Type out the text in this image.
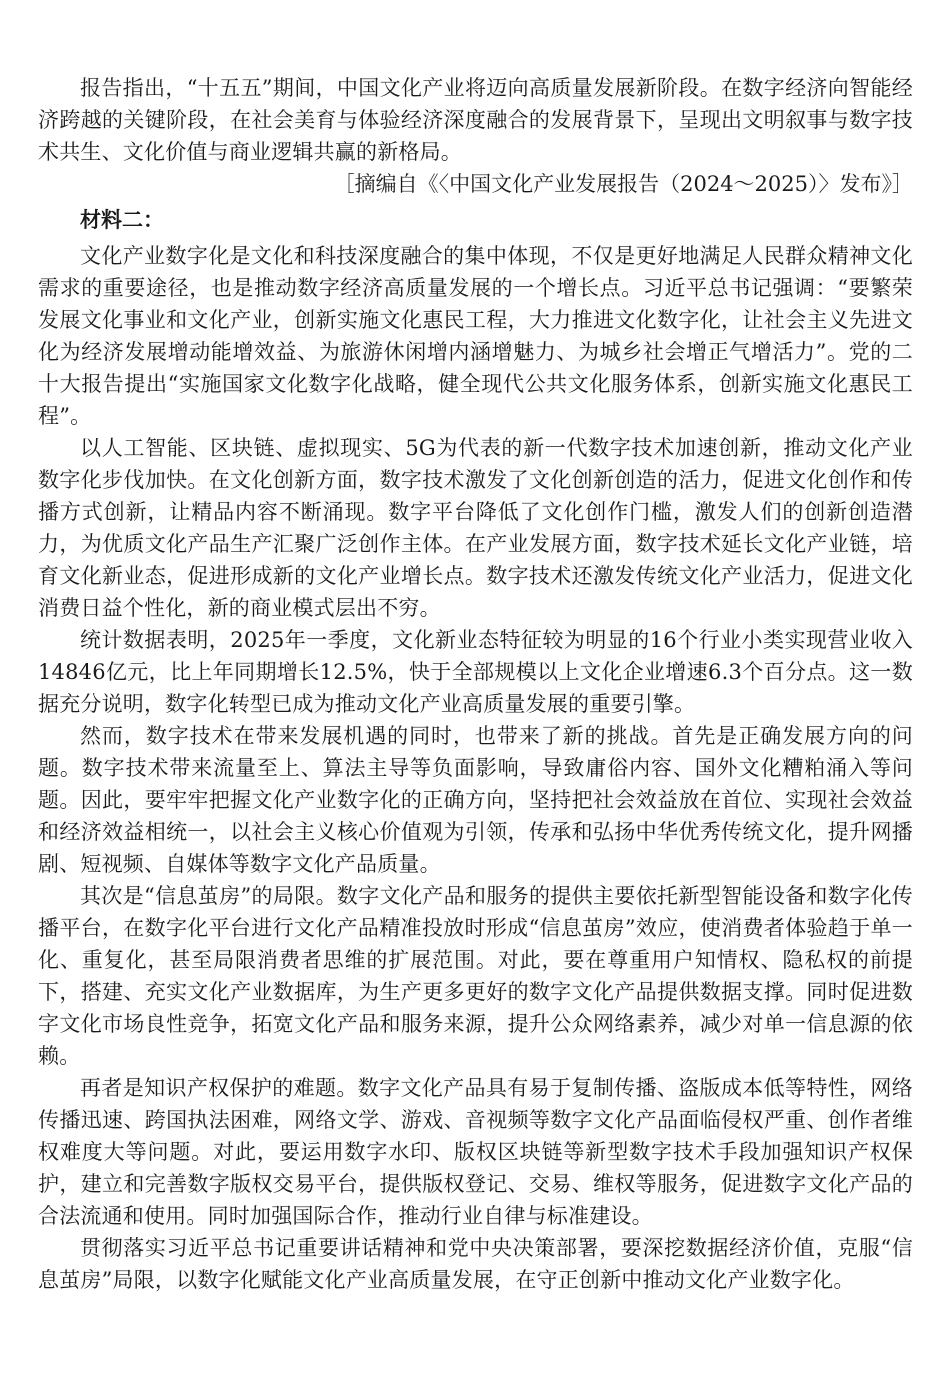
报告指出，“十五五”期间，中国文化产业将迈向高质量发展新阶段。在数字经济向智能经济跨越的关键阶段，在社会美育与体验经济深度融合的发展背景下，呈现出文明叙事与数字技术共生、文化价值与商业逻辑共赢的新格局。

［摘编自《〈中国文化产业发展报告（2024～2025）〉发布》］

材料二：

文化产业数字化是文化和科技深度融合的集中体现，不仅是更好地满足人民群众精神文化需求的重要途径，也是推动数字经济高质量发展的一个增长点。习近平总书记强调：“要繁荣发展文化事业和文化产业，创新实施文化惠民工程，大力推进文化数字化，让社会主义先进文化为经济发展增动能增效益、为旅游休闲增内涵增魅力、为城乡社会增正气增活力”。党的二十大报告提出“实施国家文化数字化战略，健全现代公共文化服务体系，创新实施文化惠民工程”。

以人工智能、区块链、虚拟现实、5G为代表的新一代数字技术加速创新，推动文化产业数字化步伐加快。在文化创新方面，数字技术激发了文化创新创造的活力，促进文化创作和传播方式创新，让精品内容不断涌现。数字平台降低了文化创作门槛，激发人们的创新创造潜力，为优质文化产品生产汇聚广泛创作主体。在产业发展方面，数字技术延长文化产业链，培育文化新业态，促进形成新的文化产业增长点。数字技术还激发传统文化产业活力，促进文化消费日益个性化，新的商业模式层出不穷。

统计数据表明，2025年一季度，文化新业态特征较为明显的16个行业小类实现营业收入14846亿元，比上年同期增长12.5%，快于全部规模以上文化企业增速6.3个百分点。这一数据充分说明，数字化转型已成为推动文化产业高质量发展的重要引擎。

然而，数字技术在带来发展机遇的同时，也带来了新的挑战。首先是正确发展方向的问题。数字技术带来流量至上、算法主导等负面影响，导致庸俗内容、国外文化糟粕涌入等问题。因此，要牢牢把握文化产业数字化的正确方向，坚持把社会效益放在首位、实现社会效益和经济效益相统一，以社会主义核心价值观为引领，传承和弘扬中华优秀传统文化，提升网播剧、短视频、自媒体等数字文化产品质量。

其次是“信息茧房”的局限。数字文化产品和服务的提供主要依托新型智能设备和数字化传播平台，在数字化平台进行文化产品精准投放时形成“信息茧房”效应，使消费者体验趋于单一化、重复化，甚至局限消费者思维的扩展范围。对此，要在尊重用户知情权、隐私权的前提下，搭建、充实文化产业数据库，为生产更多更好的数字文化产品提供数据支撑。同时促进数字文化市场良性竞争，拓宽文化产品和服务来源，提升公众网络素养，减少对单一信息源的依赖。

再者是知识产权保护的难题。数字文化产品具有易于复制传播、盗版成本低等特性，网络传播迅速、跨国执法困难，网络文学、游戏、音视频等数字文化产品面临侵权严重、创作者维权难度大等问题。对此，要运用数字水印、版权区块链等新型数字技术手段加强知识产权保护，建立和完善数字版权交易平台，提供版权登记、交易、维权等服务，促进数字文化产品的合法流通和使用。同时加强国际合作，推动行业自律与标准建设。

贯彻落实习近平总书记重要讲话精神和党中央决策部署，要深挖数据经济价值，克服“信息茧房”局限，以数字化赋能文化产业高质量发展，在守正创新中推动文化产业数字化。
